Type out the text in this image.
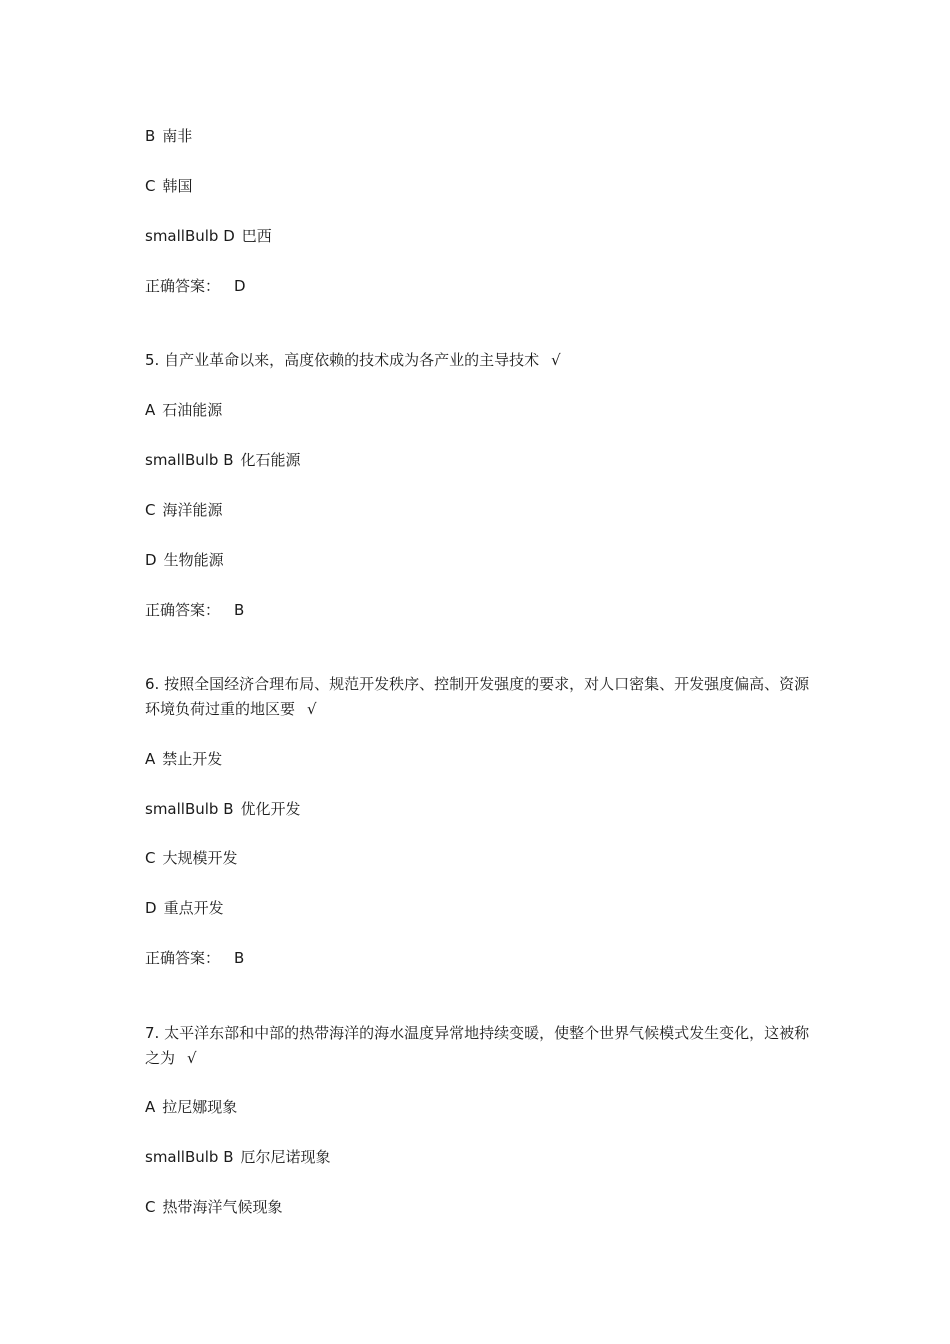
B 南非
C 韩国
smallBulb D 巴西
正确答案： D
5. 自产业革命以来，高度依赖的技术成为各产业的主导技术 √
A 石油能源
smallBulb B 化石能源
C 海洋能源
D 生物能源
正确答案： B
6. 按照全国经济合理布局、规范开发秩序、控制开发强度的要求，对人口密集、开发强度偏高、资源环境负荷过重的地区要 √
A 禁止开发
smallBulb B 优化开发
C 大规模开发
D 重点开发
正确答案： B
7. 太平洋东部和中部的热带海洋的海水温度异常地持续变暖，使整个世界气候模式发生变化，这被称之为 √
A 拉尼娜现象
smallBulb B 厄尔尼诺现象
C 热带海洋气候现象
